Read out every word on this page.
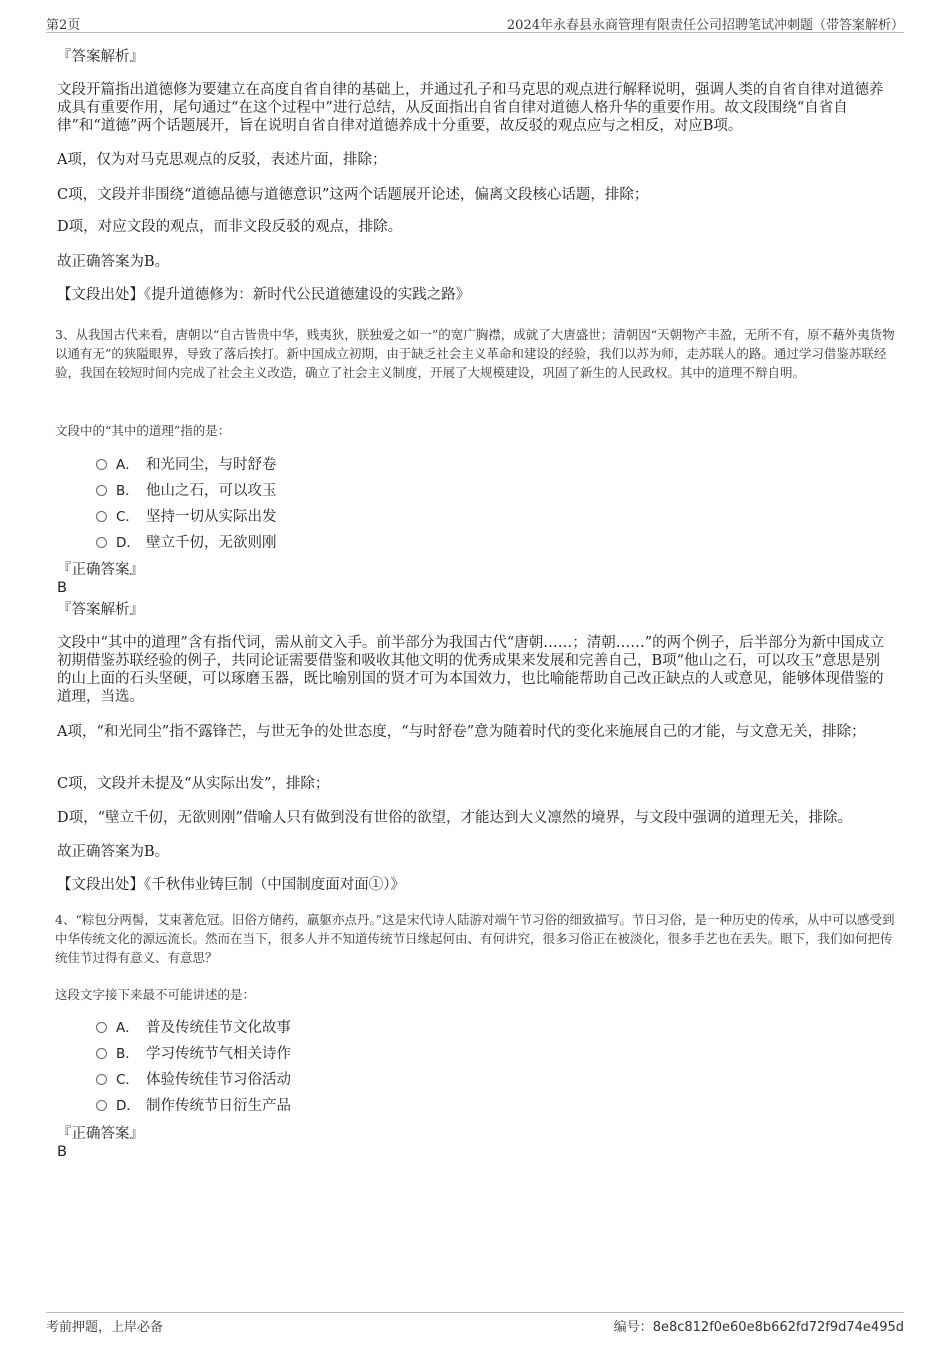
第2页	2024年永春县永商管理有限责任公司招聘笔试冲刺题（带答案解析）
『答案解析』

文段开篇指出道德修为要建立在高度自省自律的基础上，并通过孔子和马克思的观点进行解释说明，强调人类的自省自律对道德养成具有重要作用，尾句通过“在这个过程中”进行总结，从反面指出自省自律对道德人格升华的重要作用。故文段围绕“自省自律”和“道德”两个话题展开，旨在说明自省自律对道德养成十分重要，故反驳的观点应与之相反，对应B项。

A项，仅为对马克思观点的反驳，表述片面，排除；

C项，文段并非围绕“道德品德与道德意识”这两个话题展开论述，偏离文段核心话题，排除；

D项，对应文段的观点，而非文段反驳的观点，排除。

故正确答案为B。

【文段出处】《提升道德修为：新时代公民道德建设的实践之路》

3、从我国古代来看，唐朝以“自古皆贵中华，贱夷狄，朕独爱之如一”的宽广胸襟，成就了大唐盛世；清朝因“天朝物产丰盈，无所不有，原不藉外夷货物以通有无”的狭隘眼界，导致了落后挨打。新中国成立初期，由于缺乏社会主义革命和建设的经验，我们以苏为师，走苏联人的路。通过学习借鉴苏联经验，我国在较短时间内完成了社会主义改造，确立了社会主义制度，开展了大规模建设，巩固了新生的人民政权。其中的道理不辩自明。

文段中的“其中的道理”指的是：

A． 和光同尘，与时舒卷
B． 他山之石，可以攻玉
C． 坚持一切从实际出发
D． 壁立千仞，无欲则刚
『正确答案』
B
『答案解析』

文段中“其中的道理”含有指代词，需从前文入手。前半部分为我国古代“唐朝……；清朝……”的两个例子，后半部分为新中国成立初期借鉴苏联经验的例子，共同论证需要借鉴和吸收其他文明的优秀成果来发展和完善自己，B项“他山之石，可以攻玉”意思是别的山上面的石头坚硬，可以琢磨玉器，既比喻别国的贤才可为本国效力，也比喻能帮助自己改正缺点的人或意见，能够体现借鉴的道理，当选。

A项，“和光同尘”指不露锋芒，与世无争的处世态度，“与时舒卷”意为随着时代的变化来施展自己的才能，与文意无关，排除；

C项，文段并未提及“从实际出发”，排除；

D项，“壁立千仞，无欲则刚”借喻人只有做到没有世俗的欲望，才能达到大义凛然的境界，与文段中强调的道理无关，排除。

故正确答案为B。

【文段出处】《千秋伟业铸巨制（中国制度面对面①）》

4、“粽包分两髻，艾束著危冠。旧俗方储药，羸躯亦点丹。”这是宋代诗人陆游对端午节习俗的细致描写。节日习俗，是一种历史的传承，从中可以感受到中华传统文化的源远流长。然而在当下，很多人并不知道传统节日缘起何由、有何讲究，很多习俗正在被淡化，很多手艺也在丢失。眼下，我们如何把传统佳节过得有意义、有意思？

这段文字接下来最不可能讲述的是：

A． 普及传统佳节文化故事
B． 学习传统节气相关诗作
C． 体验传统佳节习俗活动
D． 制作传统节日衍生产品
『正确答案』
B
考前押题，上岸必备	编号：8e8c812f0e60e8b662fd72f9d74e495d
